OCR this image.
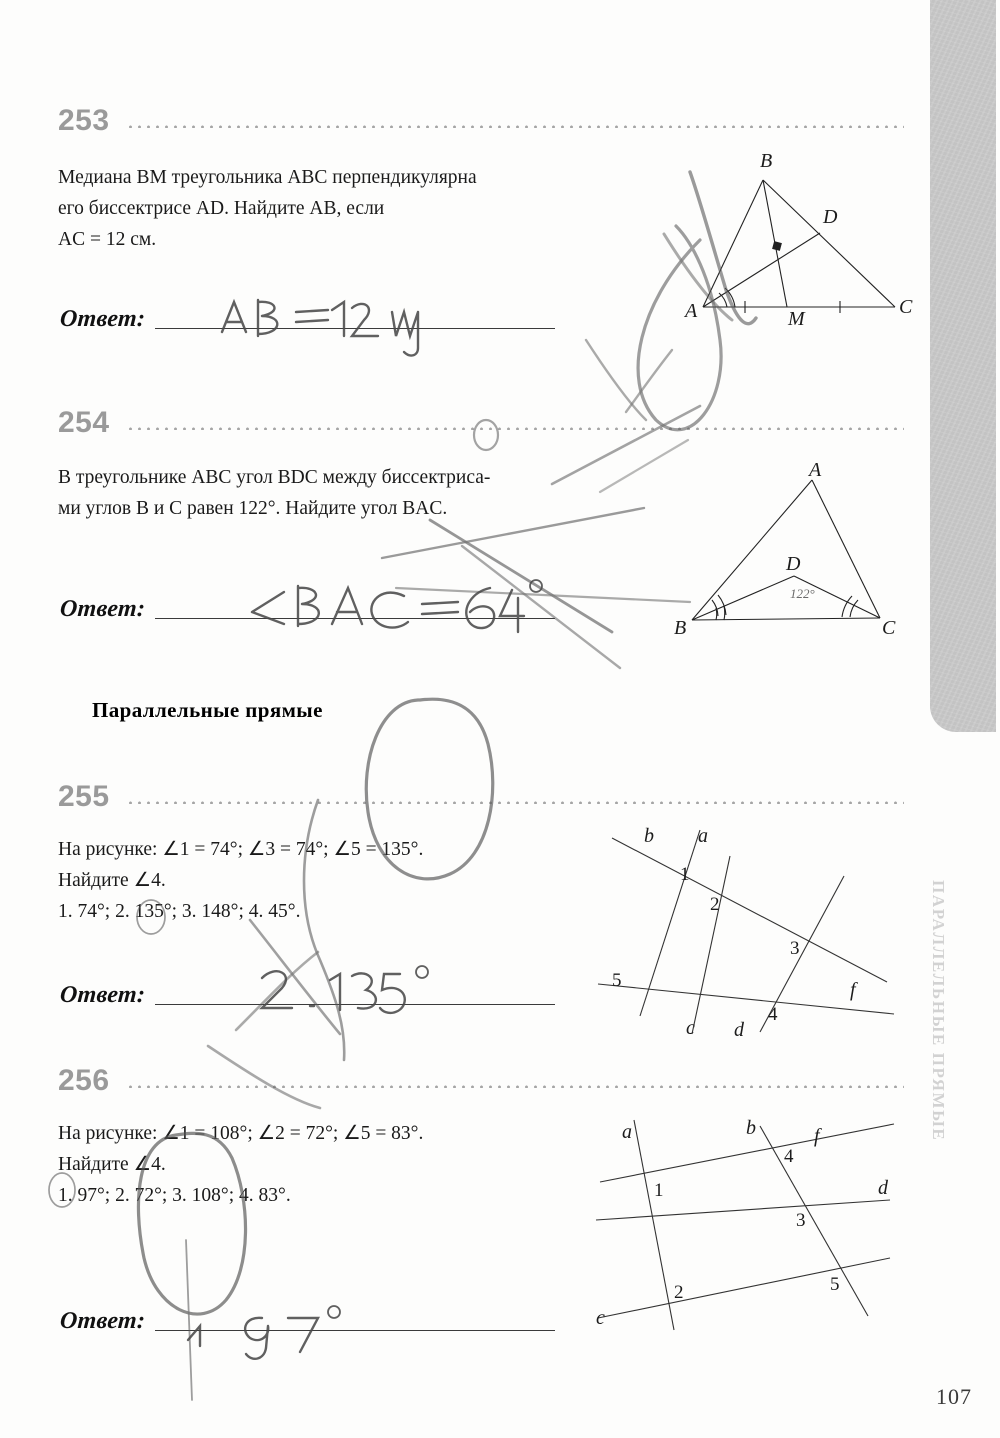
ПАРАЛЛЕЛЬНЫЕ ПРЯМЫЕ
253
Медиана BM треугольника ABC перпендикулярна
его биссектрисе AD. Найдите AB, если
AC = 12 см.
Ответ:
B
D
A	M
C
254
В треугольнике ABC угол BDC между биссектриса-
ми углов B и C равен 122°. Найдите угол BAC.
Ответ:
A
D
B	C
122°
Параллельные прямые
255
На рисунке: ∠1 = 74°; ∠3 = 74°; ∠5 = 135°.
Найдите ∠4.
1. 74°; 2. 135°; 3. 148°; 4. 45°.
Ответ:
b a
c d
f
1
2
3
4
5
256
На рисунке: ∠1 = 108°; ∠2 = 72°; ∠5 = 83°.
Найдите ∠4.
1. 97°; 2. 72°; 3. 108°; 4. 83°.
Ответ:
a	b	f
d
c
1
4
3
2	5
107
